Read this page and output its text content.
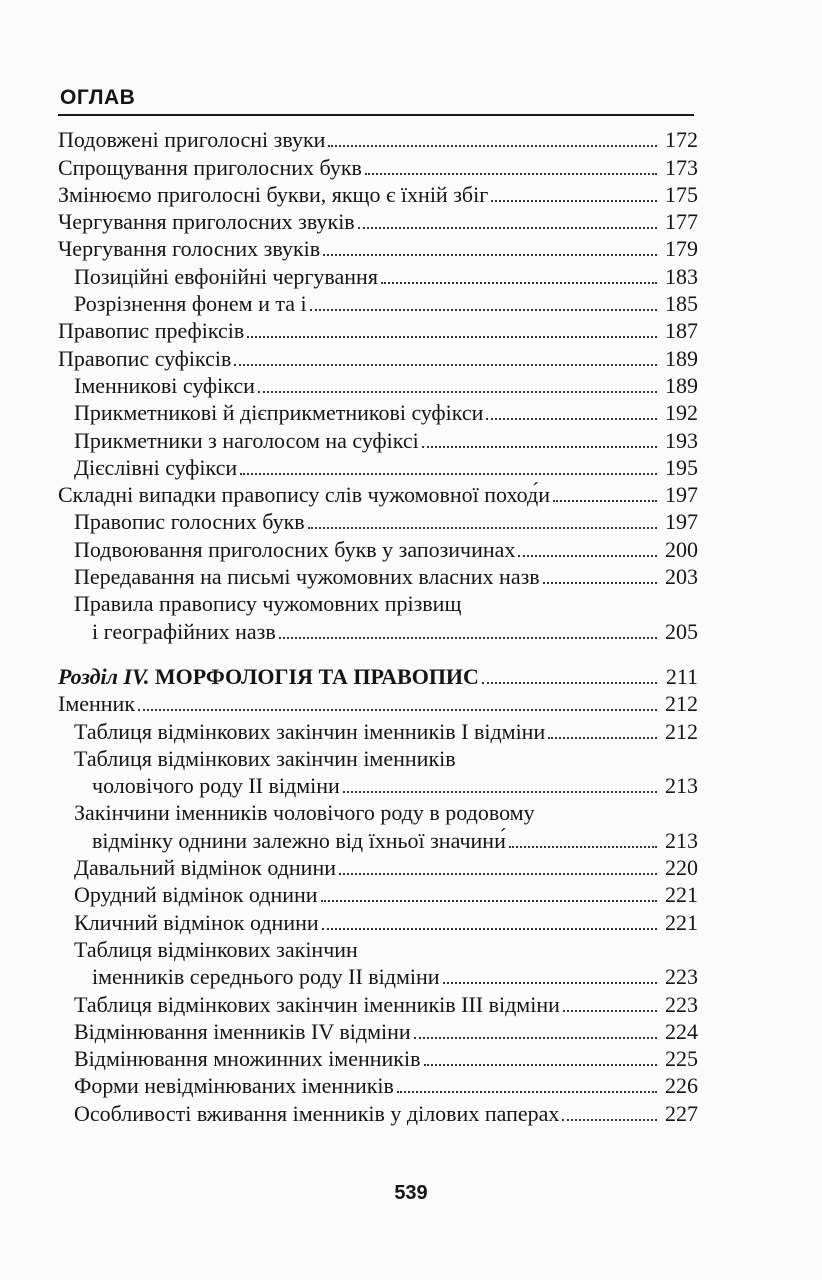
ОГЛАВ
Подовжені приголосні звуки	172
Спрощування приголосних букв	173
Змінюємо приголосні букви, якщо є їхній збіг	175
Чергування приголосних звуків	177
Чергування голосних звуків	179
Позиційні евфонійні чергування	183
Розрізнення фонем и та і	185
Правопис префіксів	187
Правопис суфіксів	189
Іменникові суфікси	189
Прикметникові й дієприкметникові суфікси	192
Прикметники з наголосом на суфіксі	193
Дієслівні суфікси	195
Складні випадки правопису слів чужомовної поход́и	197
Правопис голосних букв	197
Подвоювання приголосних букв у запозичинах	200
Передавання на письмі чужомовних власних назв	203
Правила правопису чужомовних прізвищ
і географійних назв	205
Розділ IV. МОРФОЛОГІЯ ТА ПРАВОПИС	211
Іменник	212
Таблиця відмінкових закінчин іменників І відміни	212
Таблиця відмінкових закінчин іменників
чоловічого роду ІІ відміни	213
Закінчини іменників чоловічого роду в родовому
відмінку однини залежно від їхньої значини́	213
Давальний відмінок однини	220
Орудний відмінок однини	221
Кличний відмінок однини	221
Таблиця відмінкових закінчин
іменників середнього роду ІІ відміни	223
Таблиця відмінкових закінчин іменників ІІІ відміни	223
Відмінювання іменників IV відміни	224
Відмінювання множинних іменників	225
Форми невідмінюваних іменників	226
Особливості вживання іменників у ділових паперах	227
539
